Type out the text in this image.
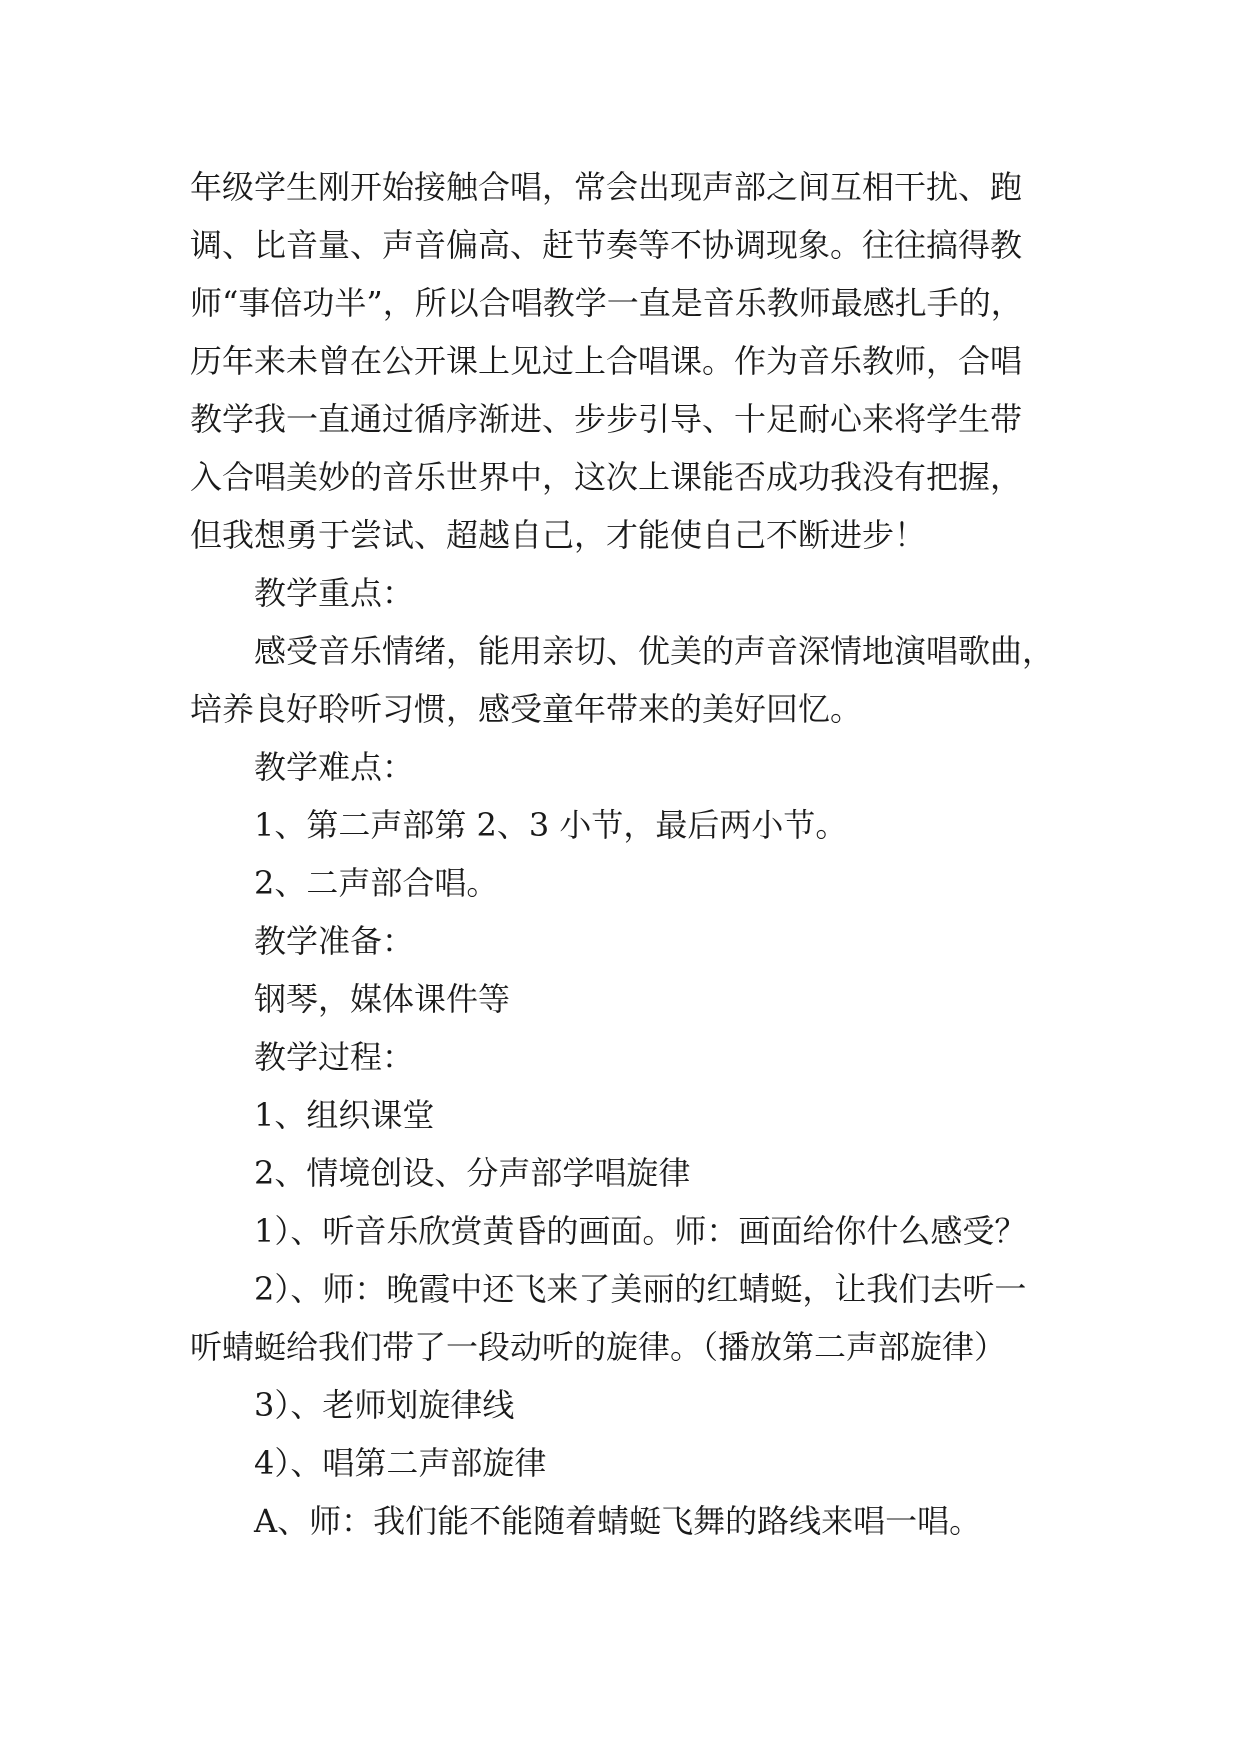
年级学生刚开始接触合唱，常会出现声部之间互相干扰、跑
调、比音量、声音偏高、赶节奏等不协调现象。往往搞得教
师“事倍功半”，所以合唱教学一直是音乐教师最感扎手的，
历年来未曾在公开课上见过上合唱课。作为音乐教师，合唱
教学我一直通过循序渐进、步步引导、十足耐心来将学生带
入合唱美妙的音乐世界中，这次上课能否成功我没有把握，
但我想勇于尝试、超越自己，才能使自己不断进步！

教学重点：

感受音乐情绪，能用亲切、优美的声音深情地演唱歌曲，
培养良好聆听习惯，感受童年带来的美好回忆。

教学难点：

1、第二声部第 2、3 小节，最后两小节。

2、二声部合唱。

教学准备：

钢琴，媒体课件等

教学过程：

1、组织课堂

2、情境创设、分声部学唱旋律

1）、听音乐欣赏黄昏的画面。师：画面给你什么感受？

2）、师：晚霞中还飞来了美丽的红蜻蜓，让我们去听一
听蜻蜓给我们带了一段动听的旋律。（播放第二声部旋律）

3）、老师划旋律线

4）、唱第二声部旋律

A、师：我们能不能随着蜻蜓飞舞的路线来唱一唱。
